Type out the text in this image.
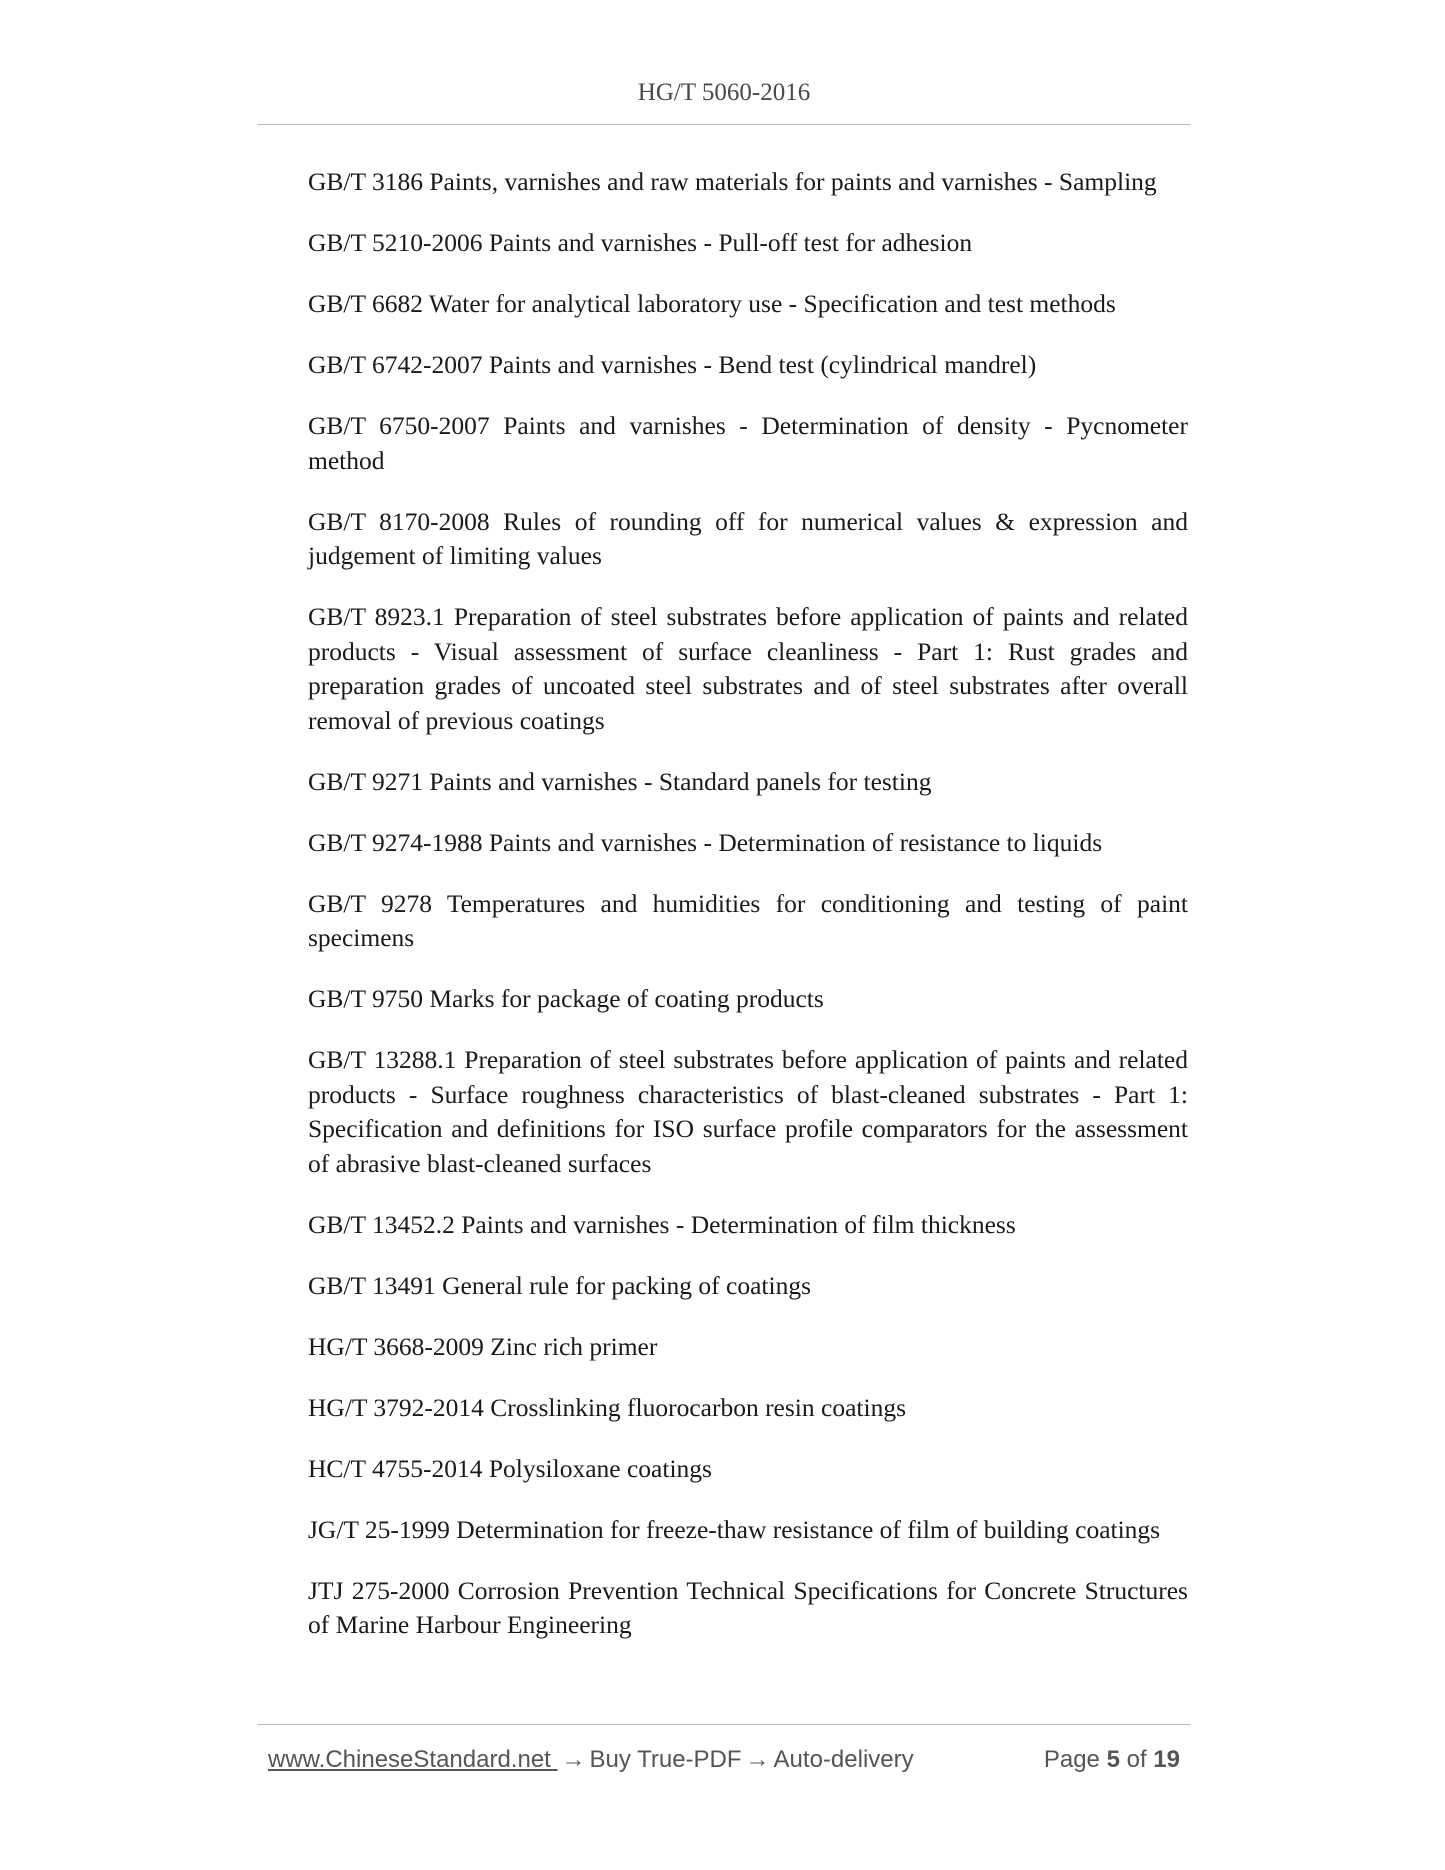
HG/T 5060-2016
GB/T 3186 Paints, varnishes and raw materials for paints and varnishes - Sampling
GB/T 5210-2006 Paints and varnishes - Pull-off test for adhesion
GB/T 6682 Water for analytical laboratory use - Specification and test methods
GB/T 6742-2007 Paints and varnishes - Bend test (cylindrical mandrel)
GB/T 6750-2007 Paints and varnishes - Determination of density - Pycnometer method
GB/T 8170-2008 Rules of rounding off for numerical values & expression and judgement of limiting values
GB/T 8923.1 Preparation of steel substrates before application of paints and related products - Visual assessment of surface cleanliness - Part 1: Rust grades and preparation grades of uncoated steel substrates and of steel substrates after overall removal of previous coatings
GB/T 9271 Paints and varnishes - Standard panels for testing
GB/T 9274-1988 Paints and varnishes - Determination of resistance to liquids
GB/T 9278 Temperatures and humidities for conditioning and testing of paint specimens
GB/T 9750 Marks for package of coating products
GB/T 13288.1 Preparation of steel substrates before application of paints and related products - Surface roughness characteristics of blast-cleaned substrates - Part 1: Specification and definitions for ISO surface profile comparators for the assessment of abrasive blast-cleaned surfaces
GB/T 13452.2 Paints and varnishes - Determination of film thickness
GB/T 13491 General rule for packing of coatings
HG/T 3668-2009 Zinc rich primer
HG/T 3792-2014 Crosslinking fluorocarbon resin coatings
HC/T 4755-2014 Polysiloxane coatings
JG/T 25-1999 Determination for freeze-thaw resistance of film of building coatings
JTJ 275-2000 Corrosion Prevention Technical Specifications for Concrete Structures of Marine Harbour Engineering
www.ChineseStandard.net → Buy True-PDF → Auto-delivery	Page 5 of 19
